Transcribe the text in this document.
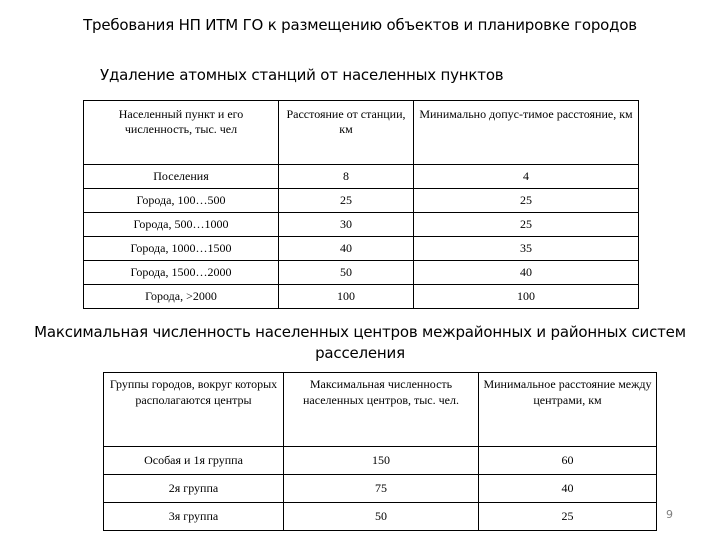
Требования НП ИТМ ГО к размещению объектов и планировке городов
Удаление атомных станций от населенных пунктов
Населенный пункт и его численность, тыс. чел	Расстояние от станции, км	Минимально допус-тимое расстояние, км
Поселения	8	4
Города, 100…500	25	25
Города, 500…1000	30	25
Города, 1000…1500	40	35
Города, 1500…2000	50	40
Города, >2000	100	100
Максимальная численность населенных центров межрайонных и районных систем расселения
Группы городов, вокруг которых располагаются центры	Максимальная численность населенных центров, тыс. чел.	Минимальное расстояние между центрами, км
Особая и 1я группа	150	60
2я группа	75	40
3я группа	50	25	9
